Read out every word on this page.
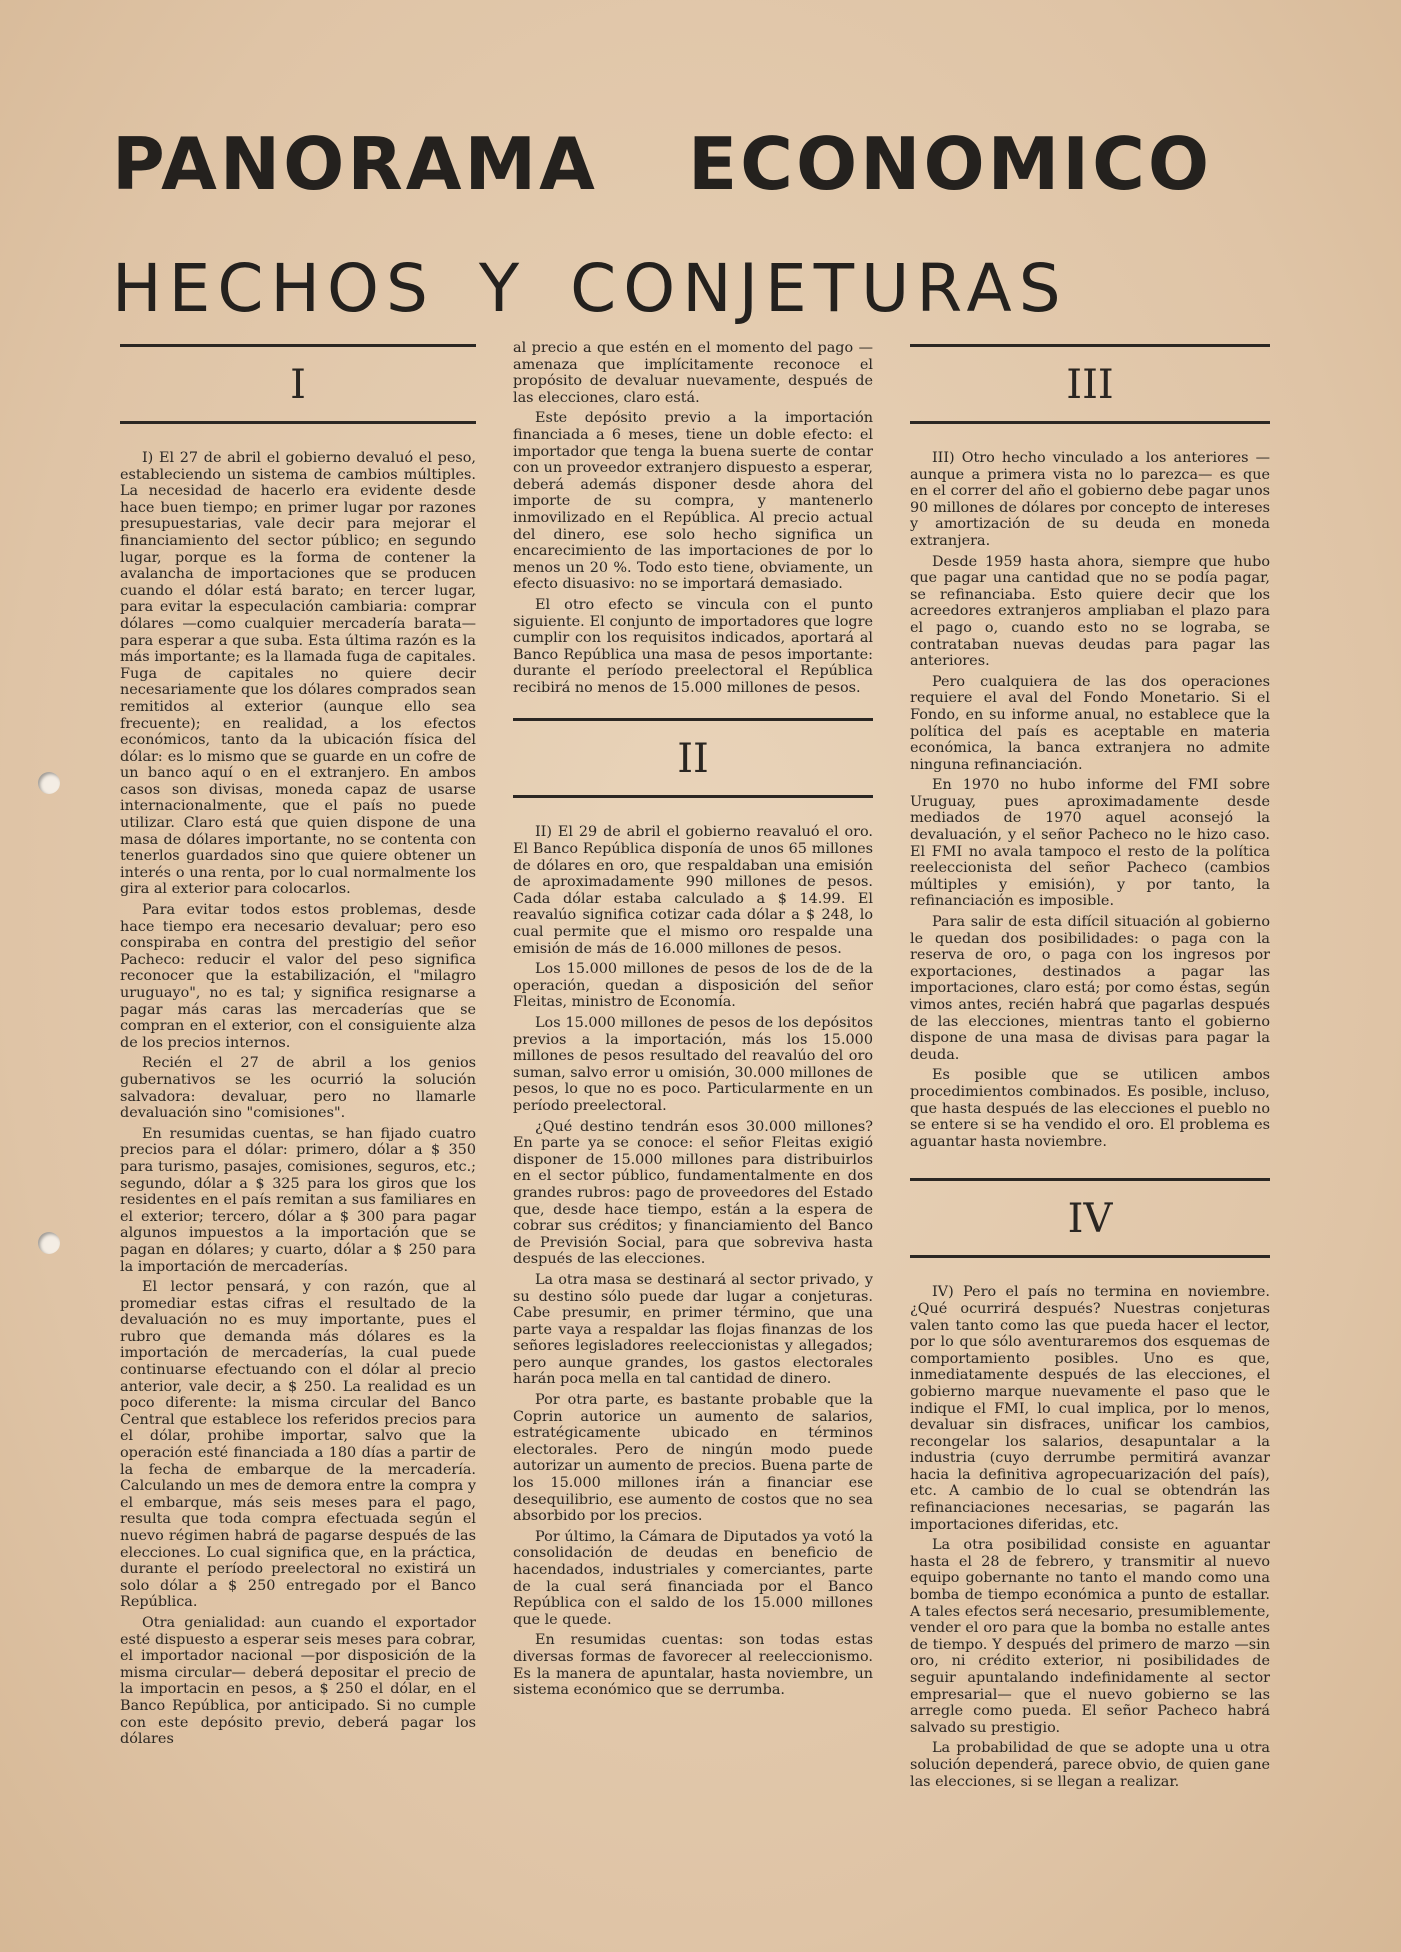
PANORAMA ECONOMICO
HECHOS Y CONJETURAS
I

I) El 27 de abril el gobierno devaluó el peso, estableciendo un sistema de cambios múltiples. La necesidad de hacerlo era evidente desde hace buen tiempo; en primer lugar por razones presupuestarias, vale decir para mejorar el financiamiento del sector público; en segundo lugar, porque es la forma de contener la avalancha de importaciones que se producen cuando el dólar está barato; en tercer lugar, para evitar la especulación cambiaria: comprar dólares —como cualquier mercadería barata— para esperar a que suba. Esta última razón es la más importante; es la llamada fuga de capitales. Fuga de capitales no quiere decir necesariamente que los dólares comprados sean remitidos al exterior (aunque ello sea frecuente); en realidad, a los efectos económicos, tanto da la ubicación física del dólar: es lo mismo que se guarde en un cofre de un banco aquí o en el extranjero. En ambos casos son divisas, moneda capaz de usarse internacionalmente, que el país no puede utilizar. Claro está que quien dispone de una masa de dólares importante, no se contenta con tenerlos guardados sino que quiere obtener un interés o una renta, por lo cual normalmente los gira al exterior para colocarlos.

Para evitar todos estos problemas, desde hace tiempo era necesario devaluar; pero eso conspiraba en contra del prestigio del señor Pacheco: reducir el valor del peso significa reconocer que la estabilización, el "milagro uruguayo", no es tal; y significa resignarse a pagar más caras las mercaderías que se compran en el exterior, con el consiguiente alza de los precios internos.

Recién el 27 de abril a los genios gubernativos se les ocurrió la solución salvadora: devaluar, pero no llamarle devaluación sino "comisiones".

En resumidas cuentas, se han fijado cuatro precios para el dólar: primero, dólar a $ 350 para turismo, pasajes, comisiones, seguros, etc.; segundo, dólar a $ 325 para los giros que los residentes en el país remitan a sus familiares en el exterior; tercero, dólar a $ 300 para pagar algunos impuestos a la importación que se pagan en dólares; y cuarto, dólar a $ 250 para la importación de mercaderías.

El lector pensará, y con razón, que al promediar estas cifras el resultado de la devaluación no es muy importante, pues el rubro que demanda más dólares es la importación de mercaderías, la cual puede continuarse efectuando con el dólar al precio anterior, vale decir, a $ 250. La realidad es un poco diferente: la misma circular del Banco Central que establece los referidos precios para el dólar, prohibe importar, salvo que la operación esté financiada a 180 días a partir de la fecha de embarque de la mercadería. Calculando un mes de demora entre la compra y el embarque, más seis meses para el pago, resulta que toda compra efectuada según el nuevo régimen habrá de pagarse después de las elecciones. Lo cual significa que, en la práctica, durante el período preelectoral no existirá un solo dólar a $ 250 entregado por el Banco República.

Otra genialidad: aun cuando el exportador esté dispuesto a esperar seis meses para cobrar, el importador nacional —por disposición de la misma circular— deberá depositar el precio de la importacin en pesos, a $ 250 el dólar, en el Banco República, por anticipado. Si no cumple con este depósito previo, deberá pagar los dólares

al precio a que estén en el momento del pago —amenaza que implícitamente reconoce el propósito de devaluar nuevamente, después de las elecciones, claro está.

Este depósito previo a la importación financiada a 6 meses, tiene un doble efecto: el importador que tenga la buena suerte de contar con un proveedor extranjero dispuesto a esperar, deberá además disponer desde ahora del importe de su compra, y mantenerlo inmovilizado en el República. Al precio actual del dinero, ese solo hecho significa un encarecimiento de las importaciones de por lo menos un 20 %. Todo esto tiene, obviamente, un efecto disuasivo: no se importará demasiado.

El otro efecto se vincula con el punto siguiente. El conjunto de importadores que logre cumplir con los requisitos indicados, aportará al Banco República una masa de pesos importante: durante el período preelectoral el República recibirá no menos de 15.000 millones de pesos.

II

II) El 29 de abril el gobierno reavaluó el oro. El Banco República disponía de unos 65 millones de dólares en oro, que respaldaban una emisión de aproximadamente 990 millones de pesos. Cada dólar estaba calculado a $ 14.99. El reavalúo significa cotizar cada dólar a $ 248, lo cual permite que el mismo oro respalde una emisión de más de 16.000 millones de pesos.

Los 15.000 millones de pesos de los de de la operación, quedan a disposición del señor Fleitas, ministro de Economía.

Los 15.000 millones de pesos de los depósitos previos a la importación, más los 15.000 millones de pesos resultado del reavalúo del oro suman, salvo error u omisión, 30.000 millones de pesos, lo que no es poco. Particularmente en un período preelectoral.

¿Qué destino tendrán esos 30.000 millones? En parte ya se conoce: el señor Fleitas exigió disponer de 15.000 millones para distribuirlos en el sector público, fundamentalmente en dos grandes rubros: pago de proveedores del Estado que, desde hace tiempo, están a la espera de cobrar sus créditos; y financiamiento del Banco de Previsión Social, para que sobreviva hasta después de las elecciones.

La otra masa se destinará al sector privado, y su destino sólo puede dar lugar a conjeturas. Cabe presumir, en primer término, que una parte vaya a respaldar las flojas finanzas de los señores legisladores reeleccionistas y allegados; pero aunque grandes, los gastos electorales harán poca mella en tal cantidad de dinero.

Por otra parte, es bastante probable que la Coprin autorice un aumento de salarios, estratégicamente ubicado en términos electorales. Pero de ningún modo puede autorizar un aumento de precios. Buena parte de los 15.000 millones irán a financiar ese desequilibrio, ese aumento de costos que no sea absorbido por los precios.

Por último, la Cámara de Diputados ya votó la consolidación de deudas en beneficio de hacendados, industriales y comerciantes, parte de la cual será financiada por el Banco República con el saldo de los 15.000 millones que le quede.

En resumidas cuentas: son todas estas diversas formas de favorecer al reeleccionismo. Es la manera de apuntalar, hasta noviembre, un sistema económico que se derrumba.

III

III) Otro hecho vinculado a los anteriores —aunque a primera vista no lo parezca— es que en el correr del año el gobierno debe pagar unos 90 millones de dólares por concepto de intereses y amortización de su deuda en moneda extranjera.

Desde 1959 hasta ahora, siempre que hubo que pagar una cantidad que no se podía pagar, se refinanciaba. Esto quiere decir que los acreedores extranjeros ampliaban el plazo para el pago o, cuando esto no se lograba, se contrataban nuevas deudas para pagar las anteriores.

Pero cualquiera de las dos operaciones requiere el aval del Fondo Monetario. Si el Fondo, en su informe anual, no establece que la política del país es aceptable en materia económica, la banca extranjera no admite ninguna refinanciación.

En 1970 no hubo informe del FMI sobre Uruguay, pues aproximadamente desde mediados de 1970 aquel aconsejó la devaluación, y el señor Pacheco no le hizo caso. El FMI no avala tampoco el resto de la política reeleccionista del señor Pacheco (cambios múltiples y emisión), y por tanto, la refinanciación es imposible.

Para salir de esta difícil situación al gobierno le quedan dos posibilidades: o paga con la reserva de oro, o paga con los ingresos por exportaciones, destinados a pagar las importaciones, claro está; por como éstas, según vimos antes, recién habrá que pagarlas después de las elecciones, mientras tanto el gobierno dispone de una masa de divisas para pagar la deuda.

Es posible que se utilicen ambos procedimientos combinados. Es posible, incluso, que hasta después de las elecciones el pueblo no se entere si se ha vendido el oro. El problema es aguantar hasta noviembre.

IV

IV) Pero el país no termina en noviembre. ¿Qué ocurrirá después? Nuestras conjeturas valen tanto como las que pueda hacer el lector, por lo que sólo aventuraremos dos esquemas de comportamiento posibles. Uno es que, inmediatamente después de las elecciones, el gobierno marque nuevamente el paso que le indique el FMI, lo cual implica, por lo menos, devaluar sin disfraces, unificar los cambios, recongelar los salarios, desapuntalar a la industria (cuyo derrumbe permitirá avanzar hacia la definitiva agropecuarización del país), etc. A cambio de lo cual se obtendrán las refinanciaciones necesarias, se pagarán las importaciones diferidas, etc.

La otra posibilidad consiste en aguantar hasta el 28 de febrero, y transmitir al nuevo equipo gobernante no tanto el mando como una bomba de tiempo económica a punto de estallar. A tales efectos será necesario, presumiblemente, vender el oro para que la bomba no estalle antes de tiempo. Y después del primero de marzo —sin oro, ni crédito exterior, ni posibilidades de seguir apuntalando indefinidamente al sector empresarial— que el nuevo gobierno se las arregle como pueda. El señor Pacheco habrá salvado su prestigio.

La probabilidad de que se adopte una u otra solución dependerá, parece obvio, de quien gane las elecciones, si se llegan a realizar.
